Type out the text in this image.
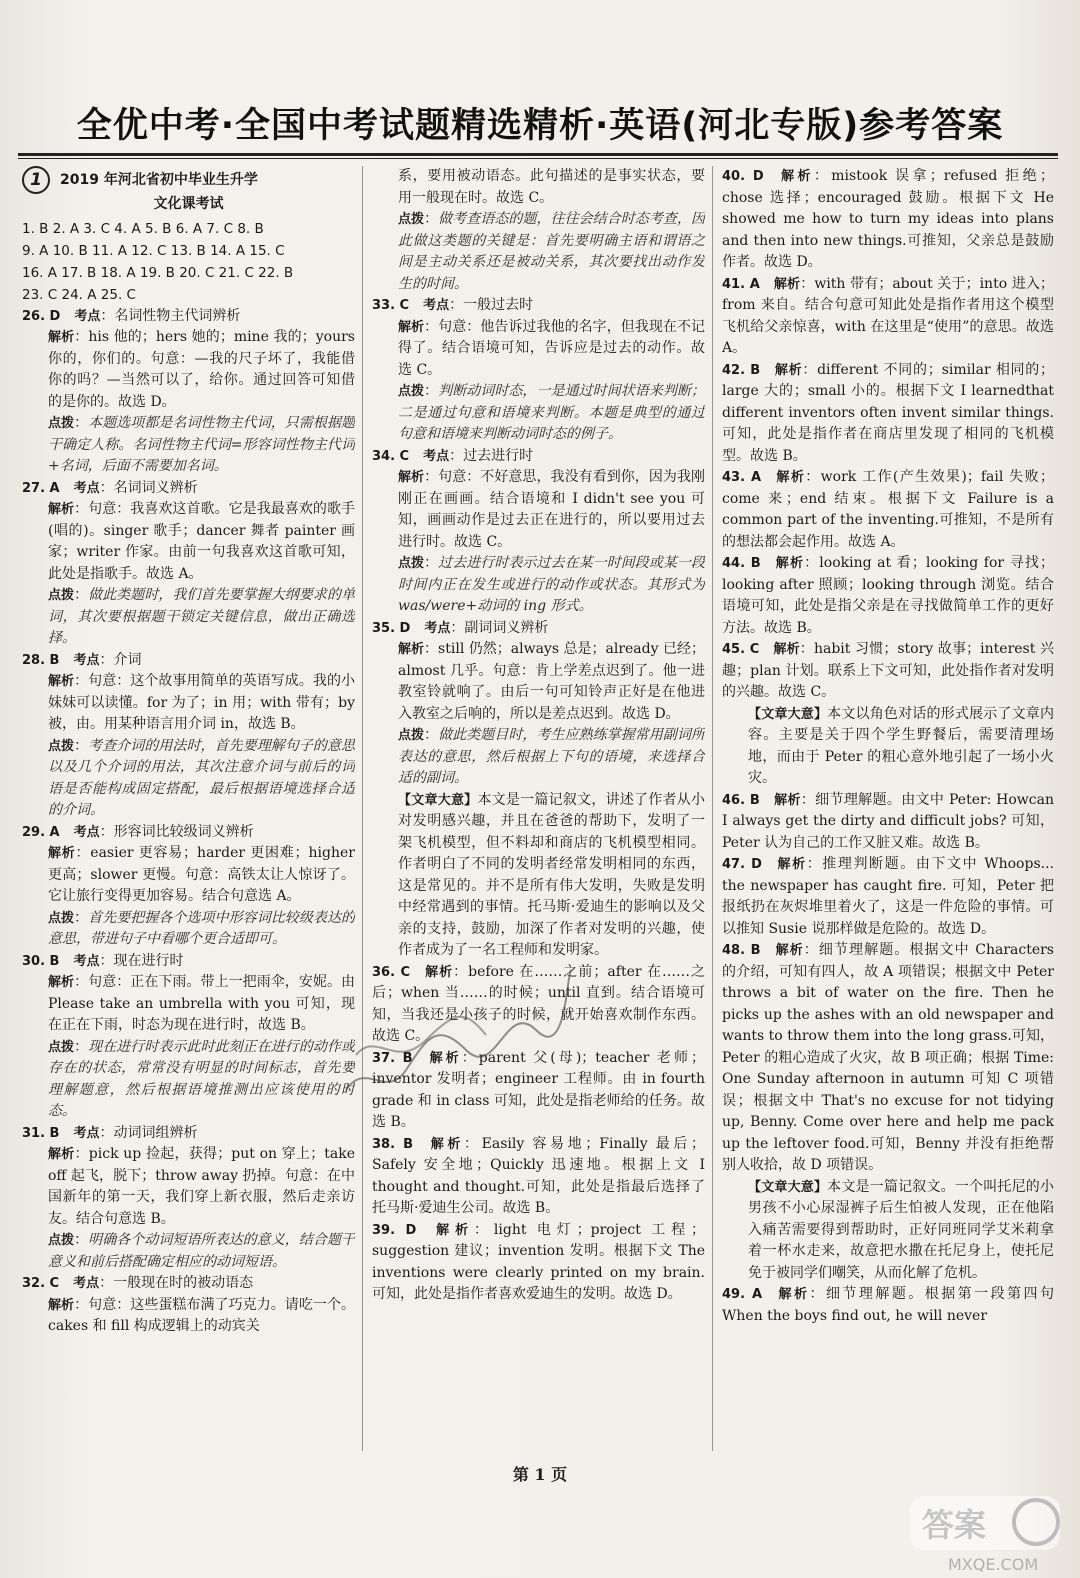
全优中考·全国中考试题精选精析·英语(河北专版)参考答案

1 2019 年河北省初中毕业生升学

文化课考试

1. B 2. A 3. C 4. A 5. B 6. A 7. C 8. B

9. A 10. B 11. A 12. C 13. B 14. A 15. C

16. A 17. B 18. A 19. B 20. C 21. C 22. B

23. C 24. A 25. C

26. D  考点：名词性物主代词辨析

解析：his 他的；hers 她的；mine 我的；yours 你的，你们的。句意：—我的尺子坏了，我能借你的吗？—当然可以了，给你。通过回答可知借的是你的。故选 D。

点拨：本题选项都是名词性物主代词，只需根据题干确定人称。名词性物主代词=形容词性物主代词+名词，后面不需要加名词。

27. A  考点：名词词义辨析

解析：句意：我喜欢这首歌。它是我最喜欢的歌手(唱的)。singer 歌手；dancer 舞者 painter 画家；writer 作家。由前一句我喜欢这首歌可知，此处是指歌手。故选 A。

点拨：做此类题时，我们首先要掌握大纲要求的单词，其次要根据题干锁定关键信息，做出正确选择。

28. B  考点：介词

解析：句意：这个故事用简单的英语写成。我的小妹妹可以读懂。for 为了；in 用；with 带有；by 被，由。用某种语言用介词 in，故选 B。

点拨：考查介词的用法时，首先要理解句子的意思以及几个介词的用法，其次注意介词与前后的词语是否能构成固定搭配，最后根据语境选择合适的介词。

29. A  考点：形容词比较级词义辨析

解析：easier 更容易；harder 更困难；higher 更高；slower 更慢。句意：高铁太让人惊讶了。它让旅行变得更加容易。结合句意选 A。

点拨：首先要把握各个选项中形容词比较级表达的意思，带进句子中看哪个更合适即可。

30. B  考点：现在进行时

解析：句意：正在下雨。带上一把雨伞，安妮。由 Please take an umbrella with you 可知，现在正在下雨，时态为现在进行时，故选 B。

点拨：现在进行时表示此时此刻正在进行的动作或存在的状态，常常没有明显的时间标志，首先要理解题意，然后根据语境推测出应该使用的时态。

31. B  考点：动词词组辨析

解析：pick up 捡起，获得；put on 穿上；take off 起飞，脱下；throw away 扔掉。句意：在中国新年的第一天，我们穿上新衣服，然后走亲访友。结合句意选 B。

点拨：明确各个动词短语所表达的意义，结合题干意义和前后搭配确定相应的动词短语。

32. C  考点：一般现在时的被动语态

解析：句意：这些蛋糕布满了巧克力。请吃一个。cakes 和 fill 构成逻辑上的动宾关

系，要用被动语态。此句描述的是事实状态，要用一般现在时。故选 C。

点拨：做考查语态的题，往往会结合时态考查，因此做这类题的关键是：首先要明确主语和谓语之间是主动关系还是被动关系，其次要找出动作发生的时间。

33. C  考点：一般过去时

解析：句意：他告诉过我他的名字，但我现在不记得了。结合语境可知，告诉应是过去的动作。故选 C。

点拨：判断动词时态，一是通过时间状语来判断；二是通过句意和语境来判断。本题是典型的通过句意和语境来判断动词时态的例子。

34. C  考点：过去进行时

解析：句意：不好意思，我没有看到你，因为我刚刚正在画画。结合语境和 I didn't see you 可知，画画动作是过去正在进行的，所以要用过去进行时。故选 C。

点拨：过去进行时表示过去在某一时间段或某一段时间内正在发生或进行的动作或状态。其形式为 was/were+动词的 ing 形式。

35. D  考点：副词词义辨析

解析：still 仍然；always 总是；already 已经；almost 几乎。句意：肯上学差点迟到了。他一进教室铃就响了。由后一句可知铃声正好是在他进入教室之后响的，所以是差点迟到。故选 D。

点拨：做此类题目时，考生应熟练掌握常用副词所表达的意思，然后根据上下句的语境，来选择合适的副词。

【文章大意】本文是一篇记叙文，讲述了作者从小对发明感兴趣，并且在爸爸的帮助下，发明了一架飞机模型，但不料却和商店的飞机模型相同。作者明白了不同的发明者经常发明相同的东西，这是常见的。并不是所有伟大发明，失败是发明中经常遇到的事情。托马斯·爱迪生的影响以及父亲的支持，鼓励，加深了作者对发明的兴趣，使作者成为了一名工程师和发明家。

36. C  解析：before 在……之前；after 在……之后；when 当……的时候；until 直到。结合语境可知，当我还是小孩子的时候，就开始喜欢制作东西。故选 C。

37. B  解析：parent 父(母)；teacher 老师；inventor 发明者；engineer 工程师。由 in fourth grade 和 in class 可知，此处是指老师给的任务。故选 B。

38. B  解析：Easily 容易地；Finally 最后；Safely 安全地；Quickly 迅速地。根据上文 I thought and thought.可知，此处是指最后选择了托马斯·爱迪生公司。故选 B。

39. D  解析：light 电灯；project 工程；suggestion 建议；invention 发明。根据下文 The inventions were clearly printed on my brain. 可知，此处是指作者喜欢爱迪生的发明。故选 D。

40. D  解析：mistook 误拿；refused 拒绝；chose 选择；encouraged 鼓励。根据下文 He showed me how to turn my ideas into plans and then into new things.可推知，父亲总是鼓励作者。故选 D。

41. A  解析：with 带有；about 关于；into 进入；from 来自。结合句意可知此处是指作者用这个模型飞机给父亲惊喜，with 在这里是“使用”的意思。故选 A。

42. B  解析：different 不同的；similar 相同的；large 大的；small 小的。根据下文 I learnedthat different inventors often invent similar things.可知，此处是指作者在商店里发现了相同的飞机模型。故选 B。

43. A  解析：work 工作(产生效果)；fail 失败；come 来；end 结束。根据下文 Failure is a common part of the inventing.可推知，不是所有的想法都会起作用。故选 A。

44. B  解析：looking at 看；looking for 寻找；looking after 照顾；looking through 浏览。结合语境可知，此处是指父亲是在寻找做简单工作的更好方法。故选 B。

45. C  解析：habit 习惯；story 故事；interest 兴趣；plan 计划。联系上下文可知，此处指作者对发明的兴趣。故选 C。

【文章大意】本文以角色对话的形式展示了文章内容。主要是关于四个学生野餐后，需要清理场地，而由于 Peter 的粗心意外地引起了一场小火灾。

46. B  解析：细节理解题。由文中 Peter: Howcan I always get the dirty and difficult jobs? 可知，Peter 认为自己的工作又脏又难。故选 B。

47. D  解析：推理判断题。由下文中 Whoops... the newspaper has caught fire. 可知，Peter 把报纸扔在灰烬堆里着火了，这是一件危险的事情。可以推知 Susie 说那样做是危险的。故选 D。

48. B  解析：细节理解题。根据文中 Characters 的介绍，可知有四人，故 A 项错误；根据文中 Peter throws a bit of water on the fire. Then he picks up the ashes with an old newspaper and wants to throw them into the long grass.可知，Peter 的粗心造成了火灾，故 B 项正确；根据 Time: One Sunday afternoon in autumn 可知 C 项错误；根据文中 That's no excuse for not tidying up, Benny. Come over here and help me pack up the leftover food.可知，Benny 并没有拒绝帮别人收拾，故 D 项错误。

【文章大意】本文是一篇记叙文。一个叫托尼的小男孩不小心尿湿裤子后生怕被人发现，正在他陷入痛苦需要得到帮助时，正好同班同学艾米莉拿着一杯水走来，故意把水撒在托尼身上，使托尼免于被同学们嘲笑，从而化解了危机。

49. A  解析：细节理解题。根据第一段第四句 When the boys find out, he will never

第 1 页
答案
MXQE.COM
